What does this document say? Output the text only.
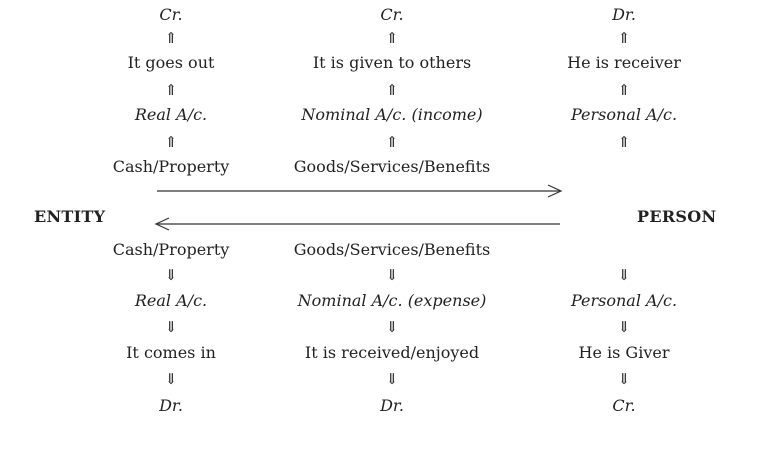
ENTITY	PERSON
Cr.
⇑
It goes out
⇑
Real A/c.
⇑
Cash/Property
Cr.
⇑
It is given to others
⇑
Nominal A/c. (income)
⇑
Goods/Services/Benefits
Dr.
⇑
He is receiver
⇑
Personal A/c.
⇑
Cash/Property
⇓
Real A/c.
⇓
It comes in
⇓
Dr.
Goods/Services/Benefits
⇓
Nominal A/c. (expense)
⇓
It is received/enjoyed
⇓
Dr.
⇓
Personal A/c.
⇓
He is Giver
⇓
Cr.
